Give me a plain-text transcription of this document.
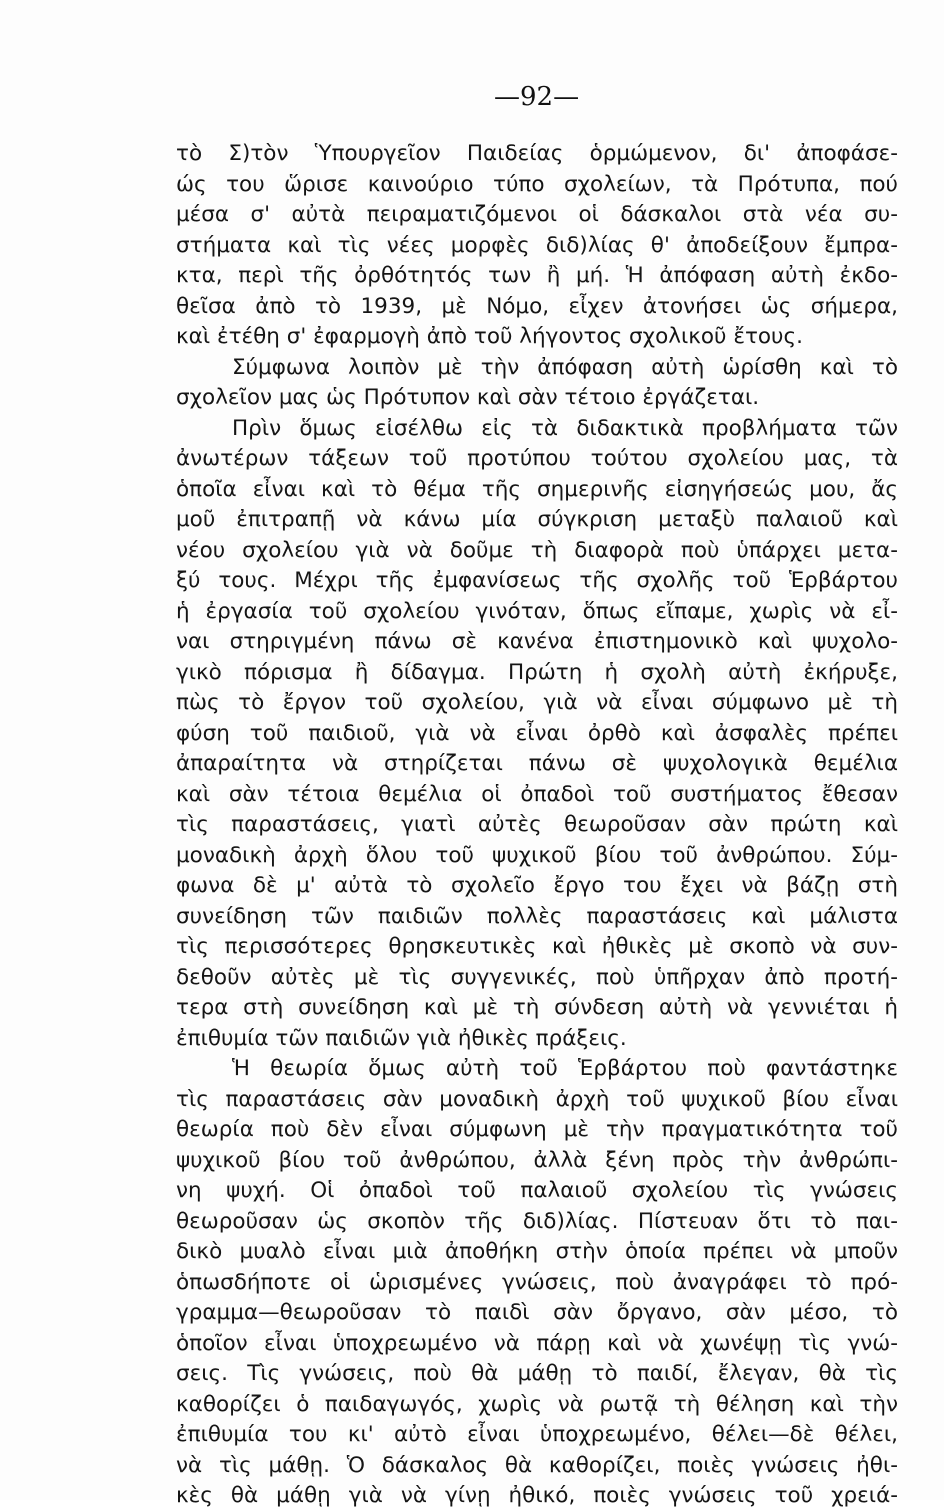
—92—
τὸ Σ)τὸν Ὑπουργεῖον Παιδείας ὁρμώμενον, δι' ἀποφάσε-
ώς του ὥρισε καινούριο τύπο σχολείων, τὰ Πρότυπα, πού
μέσα σ' αὐτὰ πειραματιζόμενοι οἱ δάσκαλοι στὰ νέα συ-
στήματα καὶ τὶς νέες μορφὲς διδ)λίας θ' ἀποδείξουν ἔμπρα-
κτα, περὶ τῆς ὀρθότητός των ἢ μή. Ἡ ἀπόφαση αὐτὴ ἐκδο-
θεῖσα ἀπὸ τὸ 1939, μὲ Νόμο, εἶχεν ἀτονήσει ὡς σήμερα,
καὶ ἐτέθη σ' ἐφαρμογὴ ἀπὸ τοῦ λήγοντος σχολικοῦ ἔτους.
Σύμφωνα λοιπὸν μὲ τὴν ἀπόφαση αὐτὴ ὡρίσθη καὶ τὸ
σχολεῖον μας ὡς Πρότυπον καὶ σὰν τέτοιο ἐργάζεται.
Πρὶν ὅμως εἰσέλθω εἰς τὰ διδακτικὰ προβλήματα τῶν
ἀνωτέρων τάξεων τοῦ προτύπου τούτου σχολείου μας, τὰ
ὁποῖα εἶναι καὶ τὸ θέμα τῆς σημερινῆς εἰσηγήσεώς μου, ἄς
μοῦ ἐπιτραπῇ νὰ κάνω μία σύγκριση μεταξὺ παλαιοῦ καὶ
νέου σχολείου γιὰ νὰ δοῦμε τὴ διαφορὰ ποὺ ὑπάρχει μετα-
ξύ τους. Μέχρι τῆς ἐμφανίσεως τῆς σχολῆς τοῦ Ἑρβάρτου
ἡ ἐργασία τοῦ σχολείου γινόταν, ὅπως εἴπαμε, χωρὶς νὰ εἶ-
ναι στηριγμένη πάνω σὲ κανένα ἐπιστημονικὸ καὶ ψυχολο-
γικὸ πόρισμα ἢ δίδαγμα. Πρώτη ἡ σχολὴ αὐτὴ ἐκήρυξε,
πὼς τὸ ἔργον τοῦ σχολείου, γιὰ νὰ εἶναι σύμφωνο μὲ τὴ
φύση τοῦ παιδιοῦ, γιὰ νὰ εἶναι ὀρθὸ καὶ ἀσφαλὲς πρέπει
ἀπαραίτητα νὰ στηρίζεται πάνω σὲ ψυχολογικὰ θεμέλια
καὶ σὰν τέτοια θεμέλια οἱ ὀπαδοὶ τοῦ συστήματος ἔθεσαν
τὶς παραστάσεις, γιατὶ αὐτὲς θεωροῦσαν σὰν πρώτη καὶ
μοναδικὴ ἀρχὴ ὅλου τοῦ ψυχικοῦ βίου τοῦ ἀνθρώπου. Σύμ-
φωνα δὲ μ' αὐτὰ τὸ σχολεῖο ἔργο του ἔχει νὰ βάζῃ στὴ
συνείδηση τῶν παιδιῶν πολλὲς παραστάσεις καὶ μάλιστα
τὶς περισσότερες θρησκευτικὲς καὶ ἠθικὲς μὲ σκοπὸ νὰ συν-
δεθοῦν αὐτὲς μὲ τὶς συγγενικές, ποὺ ὑπῆρχαν ἀπὸ προτή-
τερα στὴ συνείδηση καὶ μὲ τὴ σύνδεση αὐτὴ νὰ γεννιέται ἡ
ἐπιθυμία τῶν παιδιῶν γιὰ ἠθικὲς πράξεις.
Ἡ θεωρία ὅμως αὐτὴ τοῦ Ἑρβάρτου ποὺ φαντάστηκε
τὶς παραστάσεις σὰν μοναδικὴ ἀρχὴ τοῦ ψυχικοῦ βίου εἶναι
θεωρία ποὺ δὲν εἶναι σύμφωνη μὲ τὴν πραγματικότητα τοῦ
ψυχικοῦ βίου τοῦ ἀνθρώπου, ἀλλὰ ξένη πρὸς τὴν ἀνθρώπι-
νη ψυχή. Οἱ ὀπαδοὶ τοῦ παλαιοῦ σχολείου τὶς γνώσεις
θεωροῦσαν ὡς σκοπὸν τῆς διδ)λίας. Πίστευαν ὅτι τὸ παι-
δικὸ μυαλὸ εἶναι μιὰ ἀποθήκη στὴν ὁποία πρέπει νὰ μποῦν
ὁπωσδήποτε οἱ ὡρισμένες γνώσεις, ποὺ ἀναγράφει τὸ πρό-
γραμμα—θεωροῦσαν τὸ παιδὶ σὰν ὄργανο, σὰν μέσο, τὸ
ὁποῖον εἶναι ὑποχρεωμένο νὰ πάρῃ καὶ νὰ χωνέψῃ τὶς γνώ-
σεις. Τὶς γνώσεις, ποὺ θὰ μάθῃ τὸ παιδί, ἔλεγαν, θὰ τὶς
καθορίζει ὁ παιδαγωγός, χωρὶς νὰ ρωτᾷ τὴ θέληση καὶ τὴν
ἐπιθυμία του κι' αὐτὸ εἶναι ὑποχρεωμένο, θέλει—δὲ θέλει,
νὰ τὶς μάθῃ. Ὁ δάσκαλος θὰ καθορίζει, ποιὲς γνώσεις ἠθι-
κὲς θὰ μάθῃ γιὰ νὰ γίνῃ ἠθικό, ποιὲς γνώσεις τοῦ χρειά-
